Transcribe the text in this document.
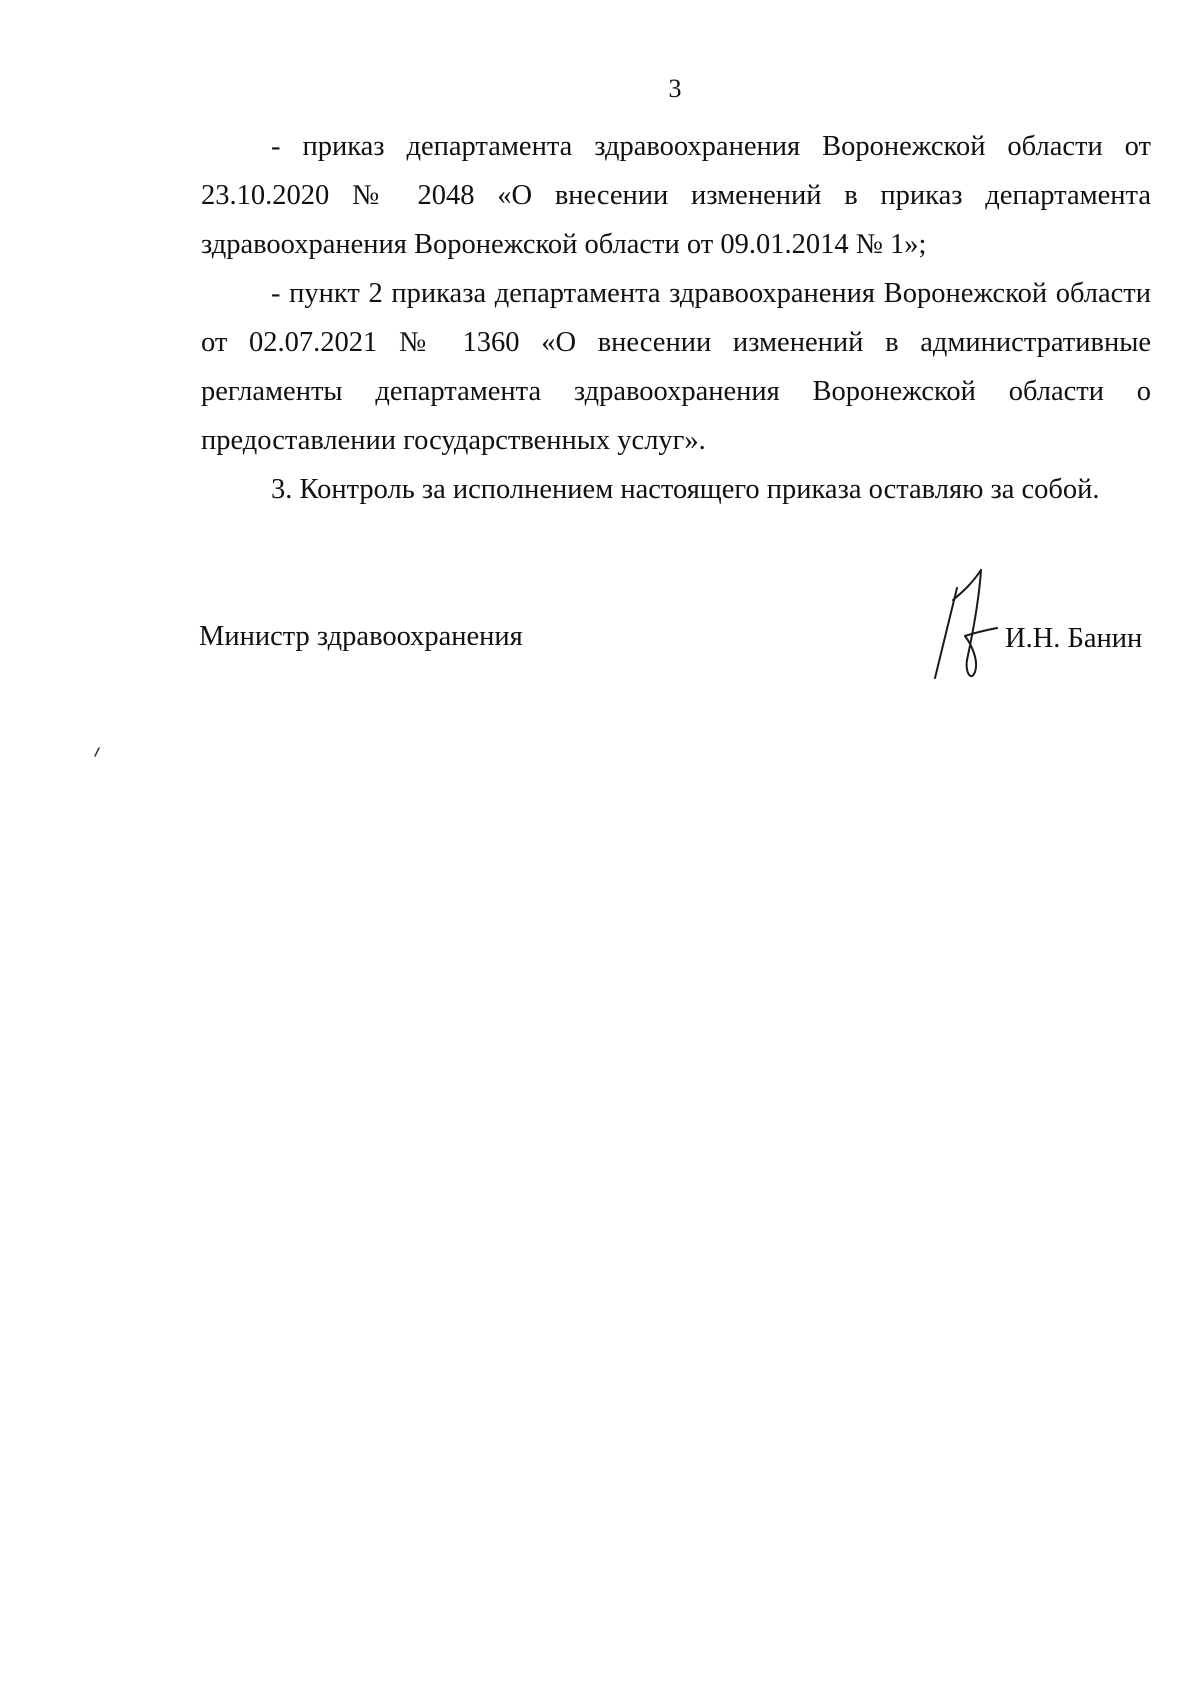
3

- приказ департамента здравоохранения Воронежской области от 23.10.2020 № 2048 «О внесении изменений в приказ департамента здравоохранения Воронежской области от 09.01.2014 № 1»;

- пункт 2 приказа департамента здравоохранения Воронежской области от 02.07.2021 № 1360 «О внесении изменений в административные регламенты департамента здравоохранения Воронежской области о предоставлении государственных услуг».

3. Контроль за исполнением настоящего приказа оставляю за собой.

Министр здравоохранения	И.Н. Банин
